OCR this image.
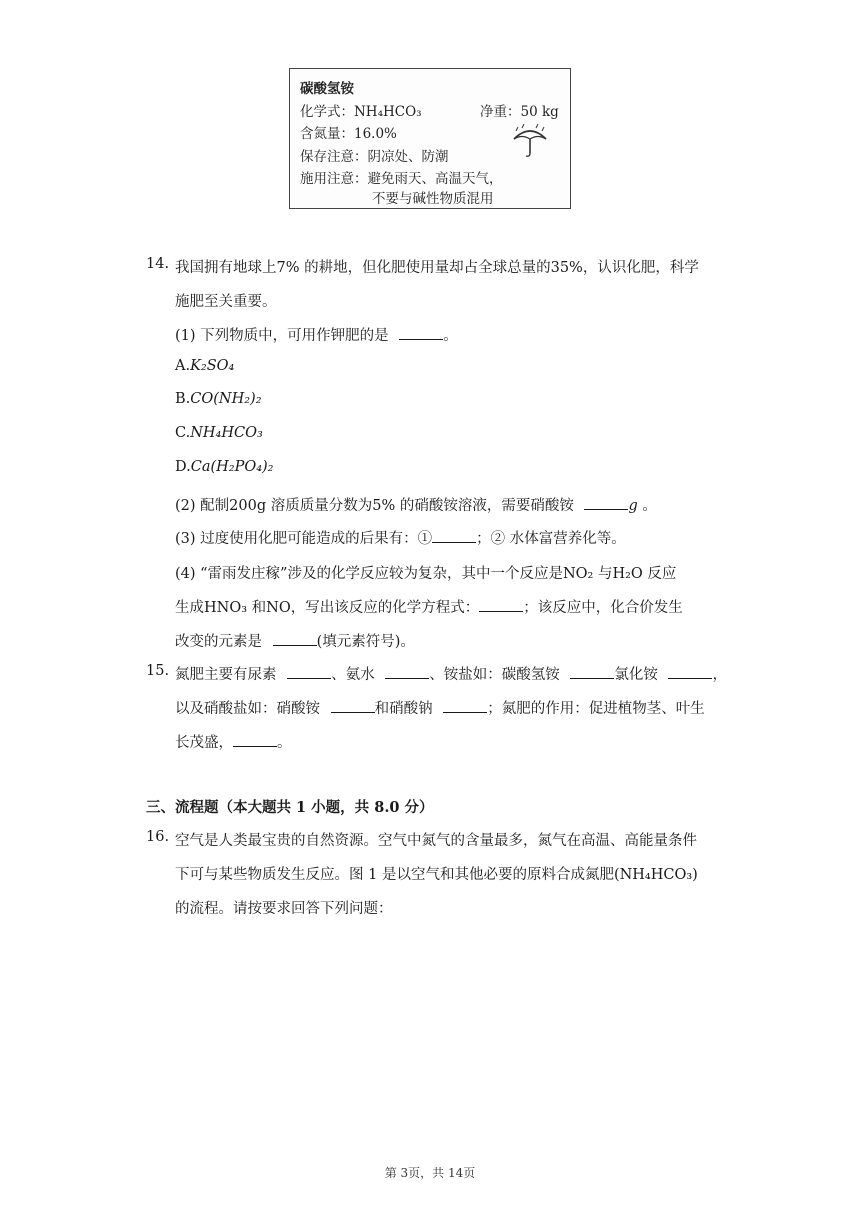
碳酸氢铵
化学式：NH₄HCO₃	净重：50 kg
含氮量：16.0%
保存注意：阴凉处、防潮
施用注意：避免雨天、高温天气，
不要与碱性物质混用
14. 我国拥有地球上7% 的耕地，但化肥使用量却占全球总量的35%，认识化肥，科学
施肥至关重要。
(1) 下列物质中，可用作钾肥的是	。
A.K₂SO₄
B.CO(NH₂)₂
C.NH₄HCO₃
D.Ca(H₂PO₄)₂
(2) 配制200g 溶质质量分数为5% 的硝酸铵溶液，需要硝酸铵	g 。
(3) 过度使用化肥可能造成的后果有：①	；② 水体富营养化等。
(4) “雷雨发庄稼”涉及的化学反应较为复杂，其中一个反应是NO₂ 与H₂O 反应
生成HNO₃ 和NO，写出该反应的化学方程式：	；该反应中，化合价发生
改变的元素是	(填元素符号)。
15. 氮肥主要有尿素	、氨水	、铵盐如：碳酸氢铵	氯化铵	，
以及硝酸盐如：硝酸铵	和硝酸钠	；氮肥的作用：促进植物茎、叶生
长茂盛，	。
三、流程题（本大题共 1 小题，共 8.0 分）
16. 空气是人类最宝贵的自然资源。空气中氮气的含量最多，氮气在高温、高能量条件
下可与某些物质发生反应。图 1 是以空气和其他必要的原料合成氮肥(NH₄HCO₃)
的流程。请按要求回答下列问题：
第 3页，共 14页
